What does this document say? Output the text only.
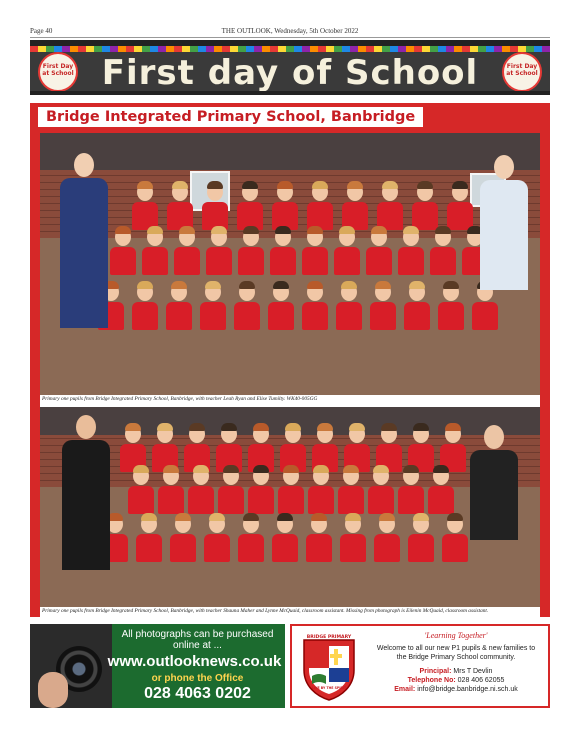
Page 40	THE OUTLOOK, Wednesday, 5th October 2022
First Day at School First day of School	First Day at School
Bridge Integrated Primary School, Banbridge
Primary one pupils from Bridge Integrated Primary School, Banbridge, with teacher Leah Ryan and Elise Tumilty. WK40-005GG
Primary one pupils from Bridge Integrated Primary School, Banbridge, with teacher Shauna Maher and Lynne McQuaid, classroom assistant. Missing from photograph is Eilenin McQuaid, classroom assistant.
All photographs can be purchased
online at ...
www.outlooknews.co.uk
or phone the Office
028 4063 0202
BRIDGE PRIMARY
LIVE BY THE SPIRIT
'Learning Together'
Welcome to all our new P1 pupils & new families to
the Bridge Primary School community.
Principal: Mrs T Devlin
Telephone No: 028 406 62055
Email: info@bridge.banbridge.ni.sch.uk
